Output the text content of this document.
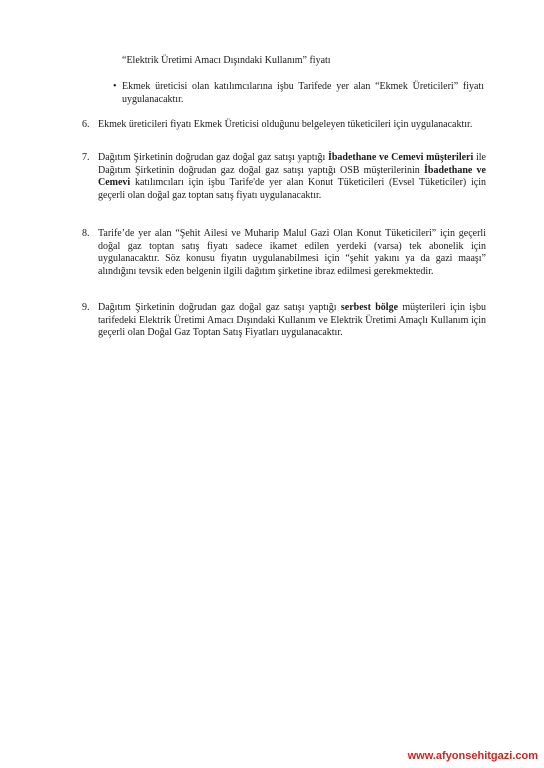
“Elektrik Üretimi Amacı Dışındaki Kullanım” fiyatı
• Ekmek üreticisi olan katılımcılarına işbu Tarifede yer alan “Ekmek Üreticileri” fiyatı uygulanacaktır.
6. Ekmek üreticileri fiyatı Ekmek Üreticisi olduğunu belgeleyen tüketicileri için uygulanacaktır.
7. Dağıtım Şirketinin doğrudan gaz doğal gaz satışı yaptığı İbadethane ve Cemevi müşterileri ile Dağıtım Şirketinin doğrudan gaz doğal gaz satışı yaptığı OSB müşterilerinin İbadethane ve Cemevi katılımcıları için işbu Tarife'de yer alan Konut Tüketicileri (Evsel Tüketiciler) için geçerli olan doğal gaz toptan satış fiyatı uygulanacaktır.
8. Tarife’de yer alan “Şehit Ailesi ve Muharip Malul Gazi Olan Konut Tüketicileri” için geçerli doğal gaz toptan satış fiyatı sadece ikamet edilen yerdeki (varsa) tek abonelik için uygulanacaktır. Söz konusu fiyatın uygulanabilmesi için “şehit yakını ya da gazi maaşı” alındığını tevsik eden belgenin ilgili dağıtım şirketine ibraz edilmesi gerekmektedir.
9. Dağıtım Şirketinin doğrudan gaz doğal gaz satışı yaptığı serbest bölge müşterileri için işbu tarifedeki Elektrik Üretimi Amacı Dışındaki Kullanım ve Elektrik Üretimi Amaçlı Kullanım için geçerli olan Doğal Gaz Toptan Satış Fiyatları uygulanacaktır.
www.afyonsehitgazi.com
